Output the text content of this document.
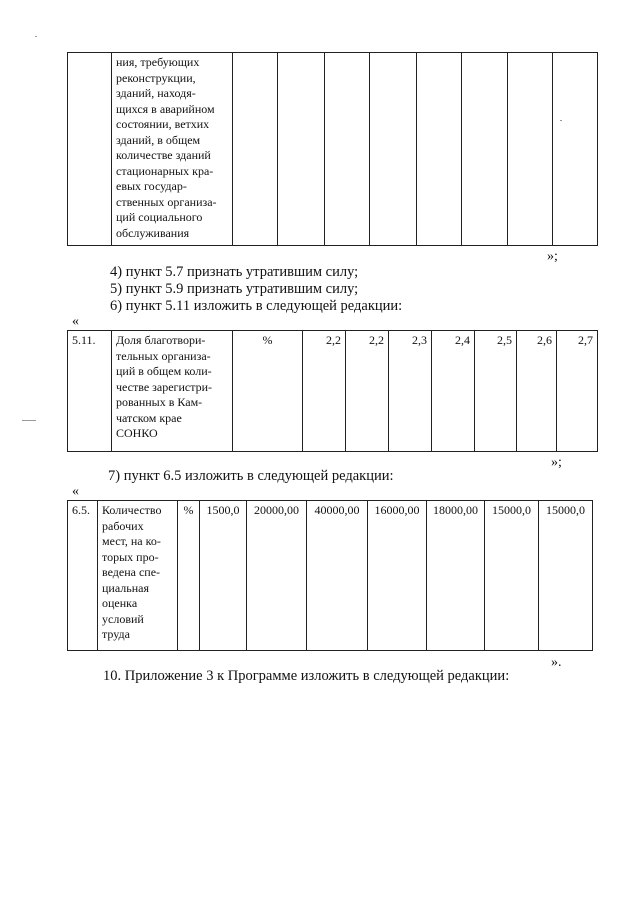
ния, требующих
реконструкции,
зданий, находя-
щихся в аварийном
состоянии, ветхих
зданий, в общем
количестве зданий
стационарных кра-
евых государ-
ственных организа-
ций социального
обслуживания

»;
4) пункт 5.7 признать утратившим силу;
5) пункт 5.9 признать утратившим силу;
6) пункт 5.11 изложить в следующей редакции:
«
5.11.	Доля благотвори-
тельных организа-
ций в общем коли-
честве зарегистри-
рованных в Кам-
чатском крае
СОНКО
	%	2,2	2,2	2,3	2,4	2,5	2,6	2,7
»;
7) пункт 6.5 изложить в следующей редакции:
«
6.5.	Количество
рабочих
мест, на ко-
торых про-
ведена спе-
циальная
оценка
условий
труда
	%	1500,0	20000,00	40000,00	16000,00	18000,00	15000,0	15000,0
».
10. Приложение 3 к Программе изложить в следующей редакции:
